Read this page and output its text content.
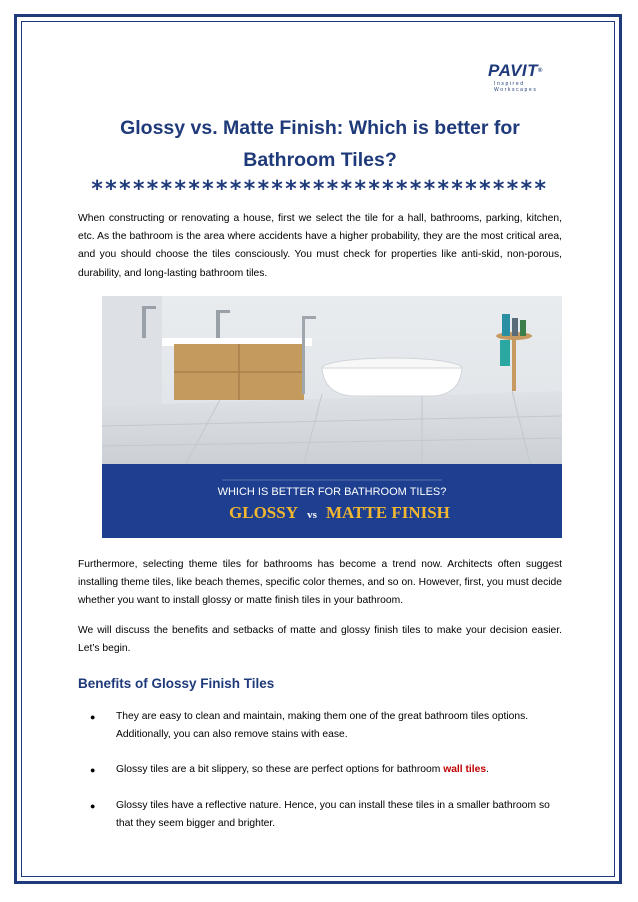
PAVIT®
Inspired Workscapes
Glossy vs. Matte Finish: Which is better for Bathroom Tiles?
*********************************

When constructing or renovating a house, first we select the tile for a hall, bathrooms, parking, kitchen, etc. As the bathroom is the area where accidents have a higher probability, they are the most critical area, and you should choose the tiles consciously. You must check for properties like anti-skid, non-porous, durability, and long-lasting bathroom tiles.

WHICH IS BETTER FOR BATHROOM TILES?
GLOSSY vs MATTE FINISH

Furthermore, selecting theme tiles for bathrooms has become a trend now. Architects often suggest installing theme tiles, like beach themes, specific color themes, and so on. However, first, you must decide whether you want to install glossy or matte finish tiles in your bathroom.

We will discuss the benefits and setbacks of matte and glossy finish tiles to make your decision easier. Let’s begin.

Benefits of Glossy Finish Tiles
● They are easy to clean and maintain, making them one of the great bathroom tiles options. Additionally, you can also remove stains with ease.
● Glossy tiles are a bit slippery, so these are perfect options for bathroom wall tiles.
● Glossy tiles have a reflective nature. Hence, you can install these tiles in a smaller bathroom so that they seem bigger and brighter.
